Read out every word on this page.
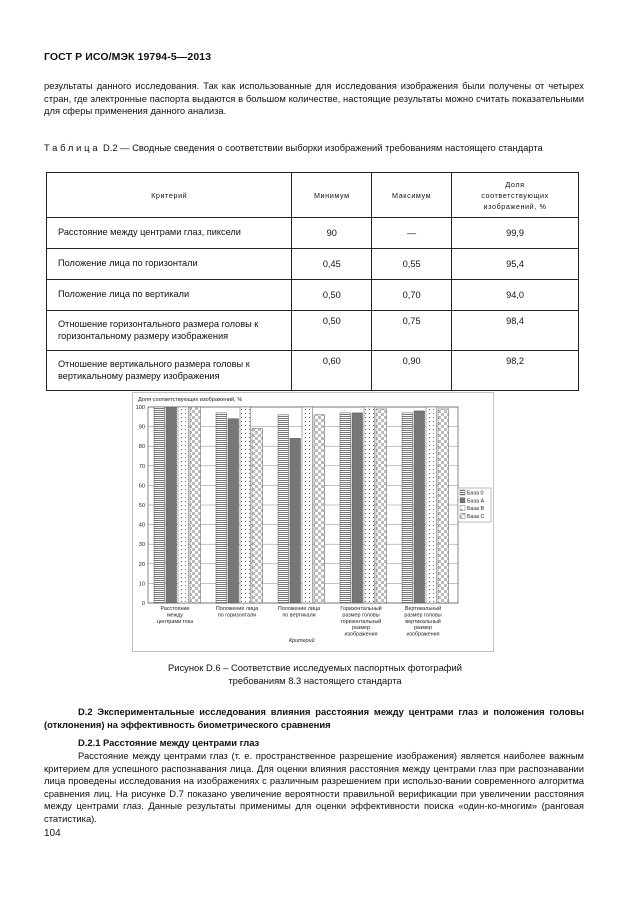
ГОСТ Р ИСО/МЭК 19794-5—2013
результаты данного исследования. Так как использованные для исследования изображения были получены от четырех стран, где электронные паспорта выдаются в большом количестве, настоящие результаты можно считать показательными для сферы применения данного анализа.
Таблица D.2 — Сводные сведения о соответствии выборки изображений требованиям настоящего стандарта
Критерий	Минимум	Максимум	Доля соответствующих изображений, %
Расстояние между центрами глаз, пиксели	90	—	99,9
Положение лица по горизонтали	0,45	0,55	95,4
Положение лица по вертикали	0,50	0,70	94,0
Отношение горизонтального размера головы к горизонтальному размеру изображения	0,50	0,75	98,4
Отношение вертикального размера головы к вертикальному размеру изображения	0,60	0,90	98,2
Доля соответствующих изображений, %
0
10
20
30
40
50
60
70
80
90
100
Расстояние
между
центрами глаз
Положение лица
по горизонтали
Положение лица
по вертикали
Горизонтальный
размер головы
горизонтальный
размер
изображения
Вертикальный
размер головы
вертикальный
размер
изображения
Критерий
База 0
База A
База B
База C
Рисунок D.6 – Соответствие исследуемых паспортных фотографий
требованиям 8.3 настоящего стандарта
D.2 Экспериментальные исследования влияния расстояния между центрами глаз и положения головы (отклонения) на эффективность биометрического сравнения
D.2.1 Расстояние между центрами глаз
Расстояние между центрами глаз (т. е. пространственное разрешение изображения) является наиболее важным критерием для успешного распознавания лица. Для оценки влияния расстояния между центрами глаз при распознавании лица проведены исследования на изображениях с различным разрешением при использо-вании современного алгоритма сравнения лиц. На рисунке D.7 показано увеличение вероятности правильной верификации при увеличении расстояния между центрами глаз. Данные результаты применимы для оценки эффективности поиска «один-ко-многим» (ранговая статистика).
104
